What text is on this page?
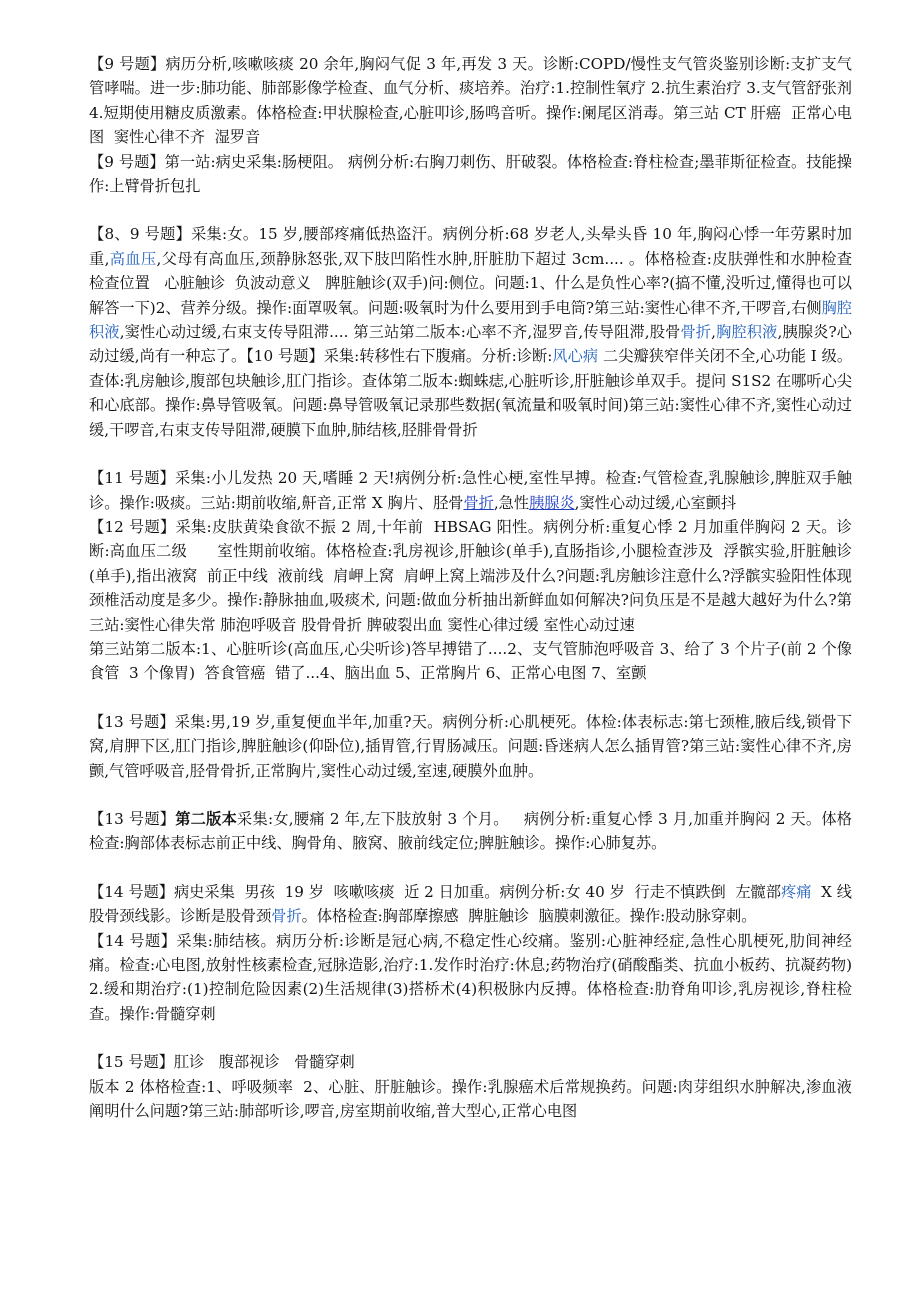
【9 号题】病历分析,咳嗽咳痰 20 余年,胸闷气促 3 年,再发 3 天。诊断:COPD/慢性支气管炎鉴别诊断:支扩支气管哮喘。进一步:肺功能、肺部影像学检查、血气分析、痰培养。治疗:1.控制性氧疗 2.抗生素治疗 3.支气管舒张剂 4.短期使用糖皮质激素。体格检查:甲状腺检查,心脏叩诊,肠鸣音听。操作:阑尾区消毒。第三站 CT 肝癌  正常心电图  窦性心律不齐  湿罗音

【9 号题】第一站:病史采集:肠梗阻。 病例分析:右胸刀刺伤、肝破裂。体格检查:脊柱检查;墨菲斯征检查。技能操作:上臂骨折包扎

【8、9 号题】采集:女。15 岁,腰部疼痛低热盗汗。病例分析:68 岁老人,头晕头昏 10 年,胸闷心悸一年劳累时加重,高血压,父母有高血压,颈静脉怒张,双下肢凹陷性水肿,肝脏肋下超过 3cm.... 。体格检查:皮肤弹性和水肿检查  检查位置   心脏触诊  负波动意义   脾脏触诊(双手)问:侧位。问题:1、什么是负性心率?(搞不懂,没听过,懂得也可以解答一下)2、营养分级。操作:面罩吸氧。问题:吸氧时为什么要用到手电筒?第三站:窦性心律不齐,干啰音,右侧胸腔积液,窦性心动过缓,右束支传导阻滞.... 第三站第二版本:心率不齐,湿罗音,传导阻滞,股骨骨折,胸腔积液,胰腺炎?心动过缓,尚有一种忘了。【10 号题】采集:转移性右下腹痛。分析:诊断:风心病 二尖瓣狭窄伴关闭不全,心功能 I 级。查体:乳房触诊,腹部包块触诊,肛门指诊。查体第二版本:蜘蛛痣,心脏听诊,肝脏触诊单双手。提问 S1S2 在哪听心尖和心底部。操作:鼻导管吸氧。问题:鼻导管吸氧记录那些数据(氧流量和吸氧时间)第三站:窦性心律不齐,窦性心动过缓,干啰音,右束支传导阻滞,硬膜下血肿,肺结核,胫腓骨骨折

【11 号题】采集:小儿发热 20 天,嗜睡 2 天!病例分析:急性心梗,室性早搏。检查:气管检查,乳腺触诊,脾脏双手触诊。操作:吸痰。三站:期前收缩,鼾音,正常 X 胸片、胫骨骨折,急性胰腺炎,窦性心动过缓,心室颤抖

【12 号题】采集:皮肤黄染食欲不振 2 周,十年前  HBSAG 阳性。病例分析:重复心悸 2 月加重伴胸闷 2 天。诊断:高血压二级      室性期前收缩。体格检查:乳房视诊,肝触诊(单手),直肠指诊,小腿检查涉及  浮髌实验,肝脏触诊(单手),指出液窝  前正中线  液前线  肩岬上窝  肩岬上窝上端涉及什么?问题:乳房触诊注意什么?浮髌实验阳性体现  颈椎活动度是多少。操作:静脉抽血,吸痰术, 问题:做血分析抽出新鲜血如何解决?问负压是不是越大越好为什么?第三站:窦性心律失常 肺泡呼吸音 股骨骨折 脾破裂出血 窦性心律过缓 室性心动过速

第三站第二版本:1、心脏听诊(高血压,心尖听诊)答早搏错了....2、支气管肺泡呼吸音 3、给了 3 个片子(前 2 个像食管  3 个像胃)  答食管癌  错了...4、脑出血 5、正常胸片 6、正常心电图 7、室颤

【13 号题】采集:男,19 岁,重复便血半年,加重?天。病例分析:心肌梗死。体检:体表标志:第七颈椎,腋后线,锁骨下窝,肩胛下区,肛门指诊,脾脏触诊(仰卧位),插胃管,行胃肠减压。问题:昏迷病人怎么插胃管?第三站:窦性心律不齐,房颤,气管呼吸音,胫骨骨折,正常胸片,窦性心动过缓,室速,硬膜外血肿。

【13 号题】第二版本采集:女,腰痛 2 年,左下肢放射 3 个月。   病例分析:重复心悸 3 月,加重并胸闷 2 天。体格检查:胸部体表标志前正中线、胸骨角、腋窝、腋前线定位;脾脏触诊。操作:心肺复苏。

【14 号题】病史采集  男孩  19 岁  咳嗽咳痰  近 2 日加重。病例分析:女 40 岁  行走不慎跌倒  左髋部疼痛  X 线股骨颈线影。诊断是股骨颈骨折。体格检查:胸部摩擦感  脾脏触诊  脑膜刺激征。操作:股动脉穿刺。

【14 号题】采集:肺结核。病历分析:诊断是冠心病,不稳定性心绞痛。鉴别:心脏神经症,急性心肌梗死,肋间神经痛。检查:心电图,放射性核素检查,冠脉造影,治疗:1.发作时治疗:休息;药物治疗(硝酸酯类、抗血小板药、抗凝药物)2.缓和期治疗:(1)控制危险因素(2)生活规律(3)搭桥术(4)积极脉内反搏。体格检查:肋脊角叩诊,乳房视诊,脊柱检查。操作:骨髓穿刺

【15 号题】肛诊   腹部视诊   骨髓穿刺

版本 2 体格检查:1、呼吸频率  2、心脏、肝脏触诊。操作:乳腺癌术后常规换药。问题:肉芽组织水肿解决,渗血液阐明什么问题?第三站:肺部听诊,啰音,房室期前收缩,普大型心,正常心电图
